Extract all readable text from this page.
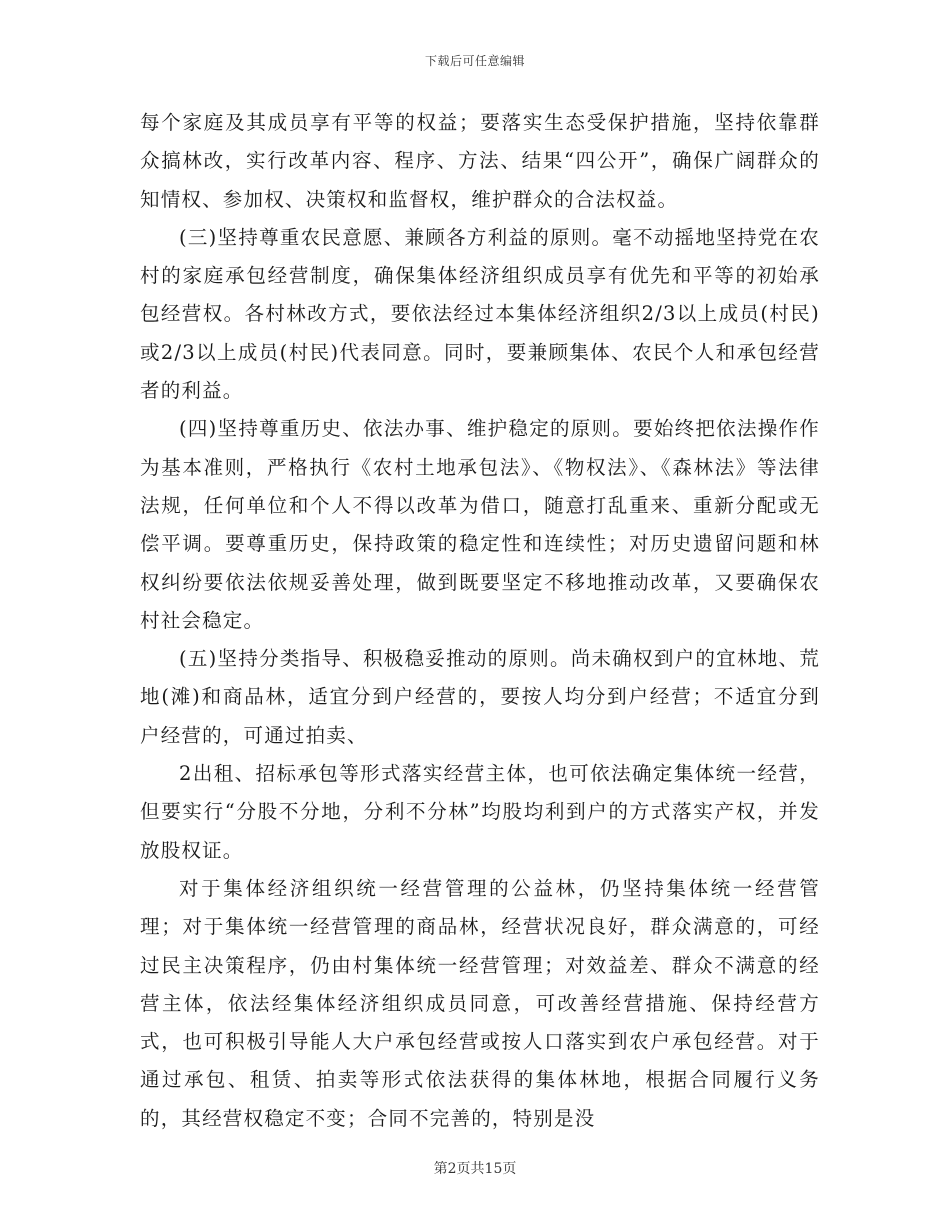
下载后可任意编辑

每个家庭及其成员享有平等的权益；要落实生态受保护措施，坚持依靠群众搞林改，实行改革内容、程序、方法、结果“四公开”，确保广阔群众的知情权、参加权、决策权和监督权，维护群众的合法权益。

(三)坚持尊重农民意愿、兼顾各方利益的原则。毫不动摇地坚持党在农村的家庭承包经营制度，确保集体经济组织成员享有优先和平等的初始承包经营权。各村林改方式，要依法经过本集体经济组织2/3以上成员(村民)或2/3以上成员(村民)代表同意。同时，要兼顾集体、农民个人和承包经营者的利益。

(四)坚持尊重历史、依法办事、维护稳定的原则。要始终把依法操作作为基本准则，严格执行《农村土地承包法》、《物权法》、《森林法》等法律法规，任何单位和个人不得以改革为借口，随意打乱重来、重新分配或无偿平调。要尊重历史，保持政策的稳定性和连续性；对历史遗留问题和林权纠纷要依法依规妥善处理，做到既要坚定不移地推动改革，又要确保农村社会稳定。

(五)坚持分类指导、积极稳妥推动的原则。尚未确权到户的宜林地、荒地(滩)和商品林，适宜分到户经营的，要按人均分到户经营；不适宜分到户经营的，可通过拍卖、

2出租、招标承包等形式落实经营主体，也可依法确定集体统一经营，但要实行“分股不分地，分利不分林”均股均利到户的方式落实产权，并发放股权证。

对于集体经济组织统一经营管理的公益林，仍坚持集体统一经营管理；对于集体统一经营管理的商品林，经营状况良好，群众满意的，可经过民主决策程序，仍由村集体统一经营管理；对效益差、群众不满意的经营主体，依法经集体经济组织成员同意，可改善经营措施、保持经营方式，也可积极引导能人大户承包经营或按人口落实到农户承包经营。对于通过承包、租赁、拍卖等形式依法获得的集体林地，根据合同履行义务的，其经营权稳定不变；合同不完善的，特别是没

第2页共15页
